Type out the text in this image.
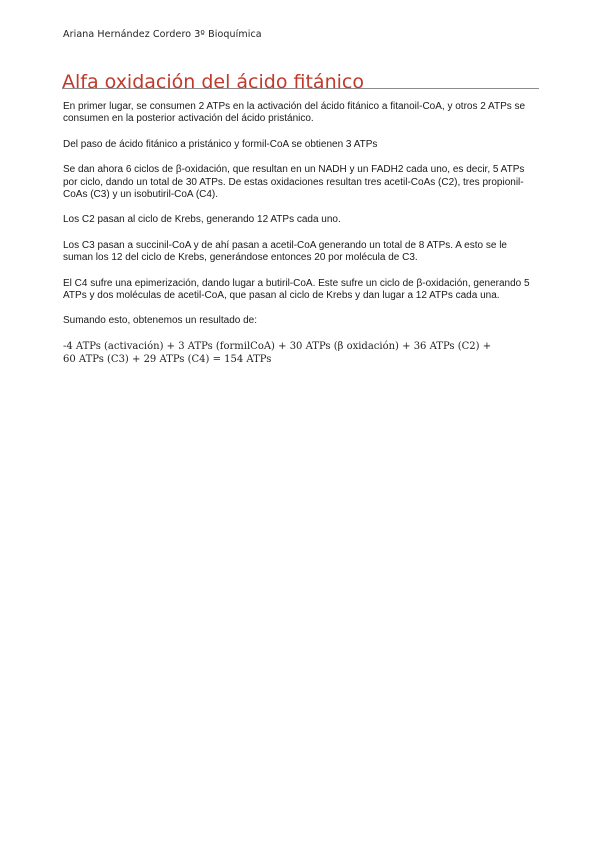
Ariana Hernández Cordero 3º Bioquímica
Alfa oxidación del ácido fitánico

En primer lugar, se consumen 2 ATPs en la activación del ácido fitánico a fitanoil-CoA, y otros 2 ATPs se consumen en la posterior activación del ácido pristánico.

Del paso de ácido fitánico a pristánico y formil-CoA se obtienen 3 ATPs

Se dan ahora 6 ciclos de β-oxidación, que resultan en un NADH y un FADH2 cada uno, es decir, 5 ATPs por ciclo, dando un total de 30 ATPs. De estas oxidaciones resultan tres acetil-CoAs (C2), tres propionil-CoAs (C3) y un isobutiril-CoA (C4).

Los C2 pasan al ciclo de Krebs, generando 12 ATPs cada uno.

Los C3 pasan a succinil-CoA y de ahí pasan a acetil-CoA generando un total de 8 ATPs. A esto se le suman los 12 del ciclo de Krebs, generándose entonces 20 por molécula de C3.

El C4 sufre una epimerización, dando lugar a butiril-CoA. Este sufre un ciclo de β-oxidación, generando 5 ATPs y dos moléculas de acetil-CoA, que pasan al ciclo de Krebs y dan lugar a 12 ATPs cada una.

Sumando esto, obtenemos un resultado de:

-4 ATPs (activación) + 3 ATPs (formilCoA) + 30 ATPs (β oxidación) + 36 ATPs (C2) +
60 ATPs (C3) + 29 ATPs (C4) = 154 ATPs
